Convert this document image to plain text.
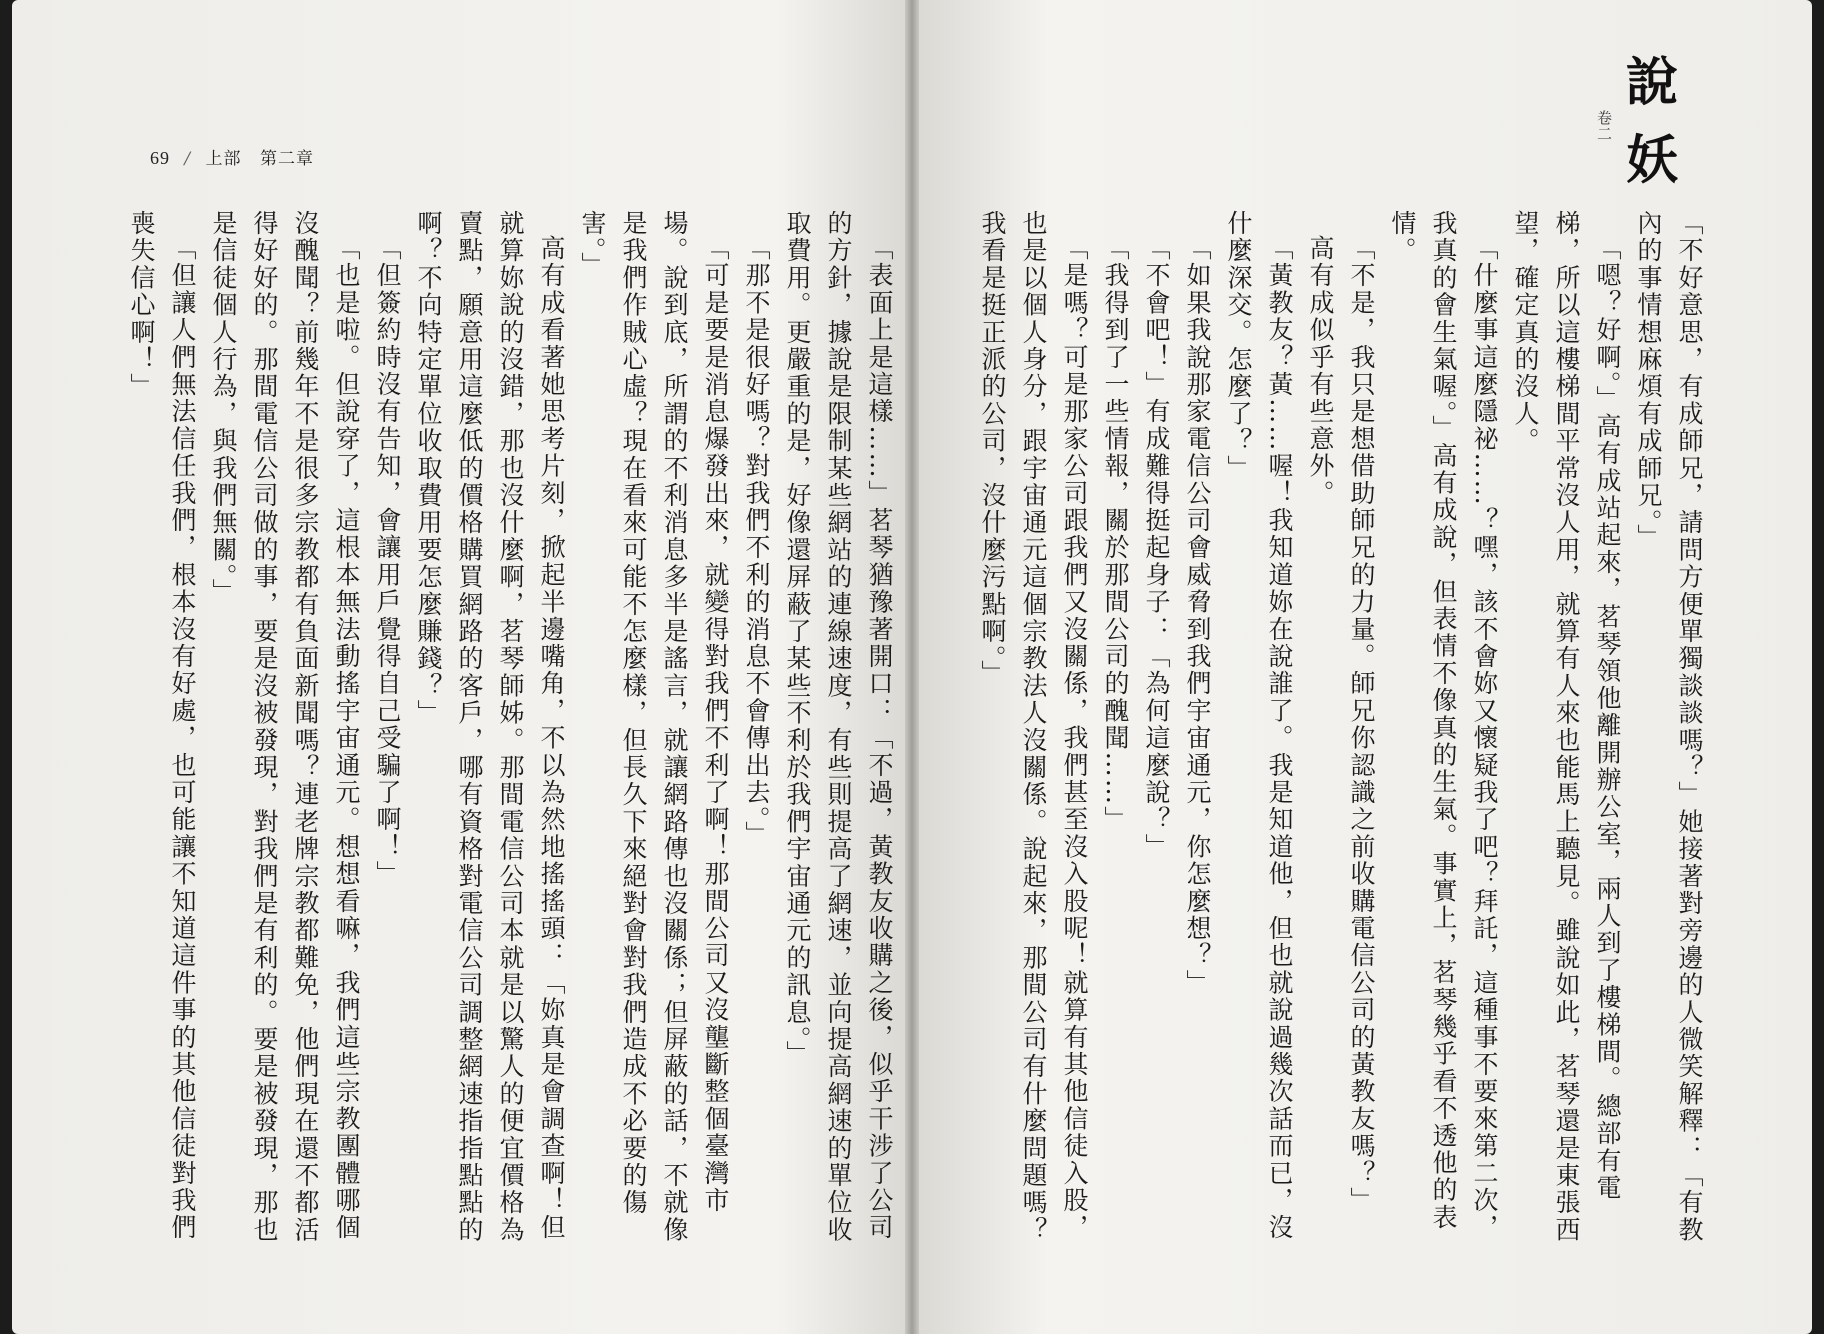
69 / 上部 第二章
說
妖
卷二

「不好意思，有成師兄，請問方便單獨談談嗎？」她接著對旁邊的人微笑解釋：「有教內的事情想麻煩有成師兄。」

「嗯？好啊。」高有成站起來，茗琴領他離開辦公室，兩人到了樓梯間。總部有電梯，所以這樓梯間平常沒人用，就算有人來也能馬上聽見。雖說如此，茗琴還是東張西望，確定真的沒人。

「什麼事這麼隱祕……？嘿，該不會妳又懷疑我了吧？拜託，這種事不要來第二次，我真的會生氣喔。」高有成說，但表情不像真的生氣。事實上，茗琴幾乎看不透他的表情。

「不是，我只是想借助師兄的力量。師兄你認識之前收購電信公司的黃教友嗎？」

高有成似乎有些意外。

「黃教友？黃……喔！我知道妳在說誰了。我是知道他，但也就說過幾次話而已，沒什麼深交。怎麼了？」

「如果我說那家電信公司會威脅到我們宇宙通元，你怎麼想？」

「不會吧！」有成難得挺起身子：「為何這麼說？」

「我得到了一些情報，關於那間公司的醜聞……」

「是嗎？可是那家公司跟我們又沒關係，我們甚至沒入股呢！就算有其他信徒入股，也是以個人身分，跟宇宙通元這個宗教法人沒關係。說起來，那間公司有什麼問題嗎？我看是挺正派的公司，沒什麼污點啊。」

「表面上是這樣……」茗琴猶豫著開口：「不過，黃教友收購之後，似乎干涉了公司的方針，據說是限制某些網站的連線速度，有些則提高了網速，並向提高網速的單位收取費用。更嚴重的是，好像還屏蔽了某些不利於我們宇宙通元的訊息。」

「那不是很好嗎？對我們不利的消息不會傳出去。」

「可是要是消息爆發出來，就變得對我們不利了啊！那間公司又沒壟斷整個臺灣市場。說到底，所謂的不利消息多半是謠言，就讓網路傳也沒關係；但屏蔽的話，不就像是我們作賊心虛？現在看來可能不怎麼樣，但長久下來絕對會對我們造成不必要的傷害。」

高有成看著她思考片刻，掀起半邊嘴角，不以為然地搖搖頭：「妳真是會調查啊！但就算妳說的沒錯，那也沒什麼啊，茗琴師姊。那間電信公司本就是以驚人的便宜價格為賣點，願意用這麼低的價格購買網路的客戶，哪有資格對電信公司調整網速指指點點的啊？不向特定單位收取費用要怎麼賺錢？」

「但簽約時沒有告知，會讓用戶覺得自己受騙了啊！」

「也是啦。但說穿了，這根本無法動搖宇宙通元。想想看嘛，我們這些宗教團體哪個沒醜聞？前幾年不是很多宗教都有負面新聞嗎？連老牌宗教都難免，他們現在還不都活得好好的。那間電信公司做的事，要是沒被發現，對我們是有利的。要是被發現，那也是信徒個人行為，與我們無關。」

「但讓人們無法信任我們，根本沒有好處，也可能讓不知道這件事的其他信徒對我們喪失信心啊！」
